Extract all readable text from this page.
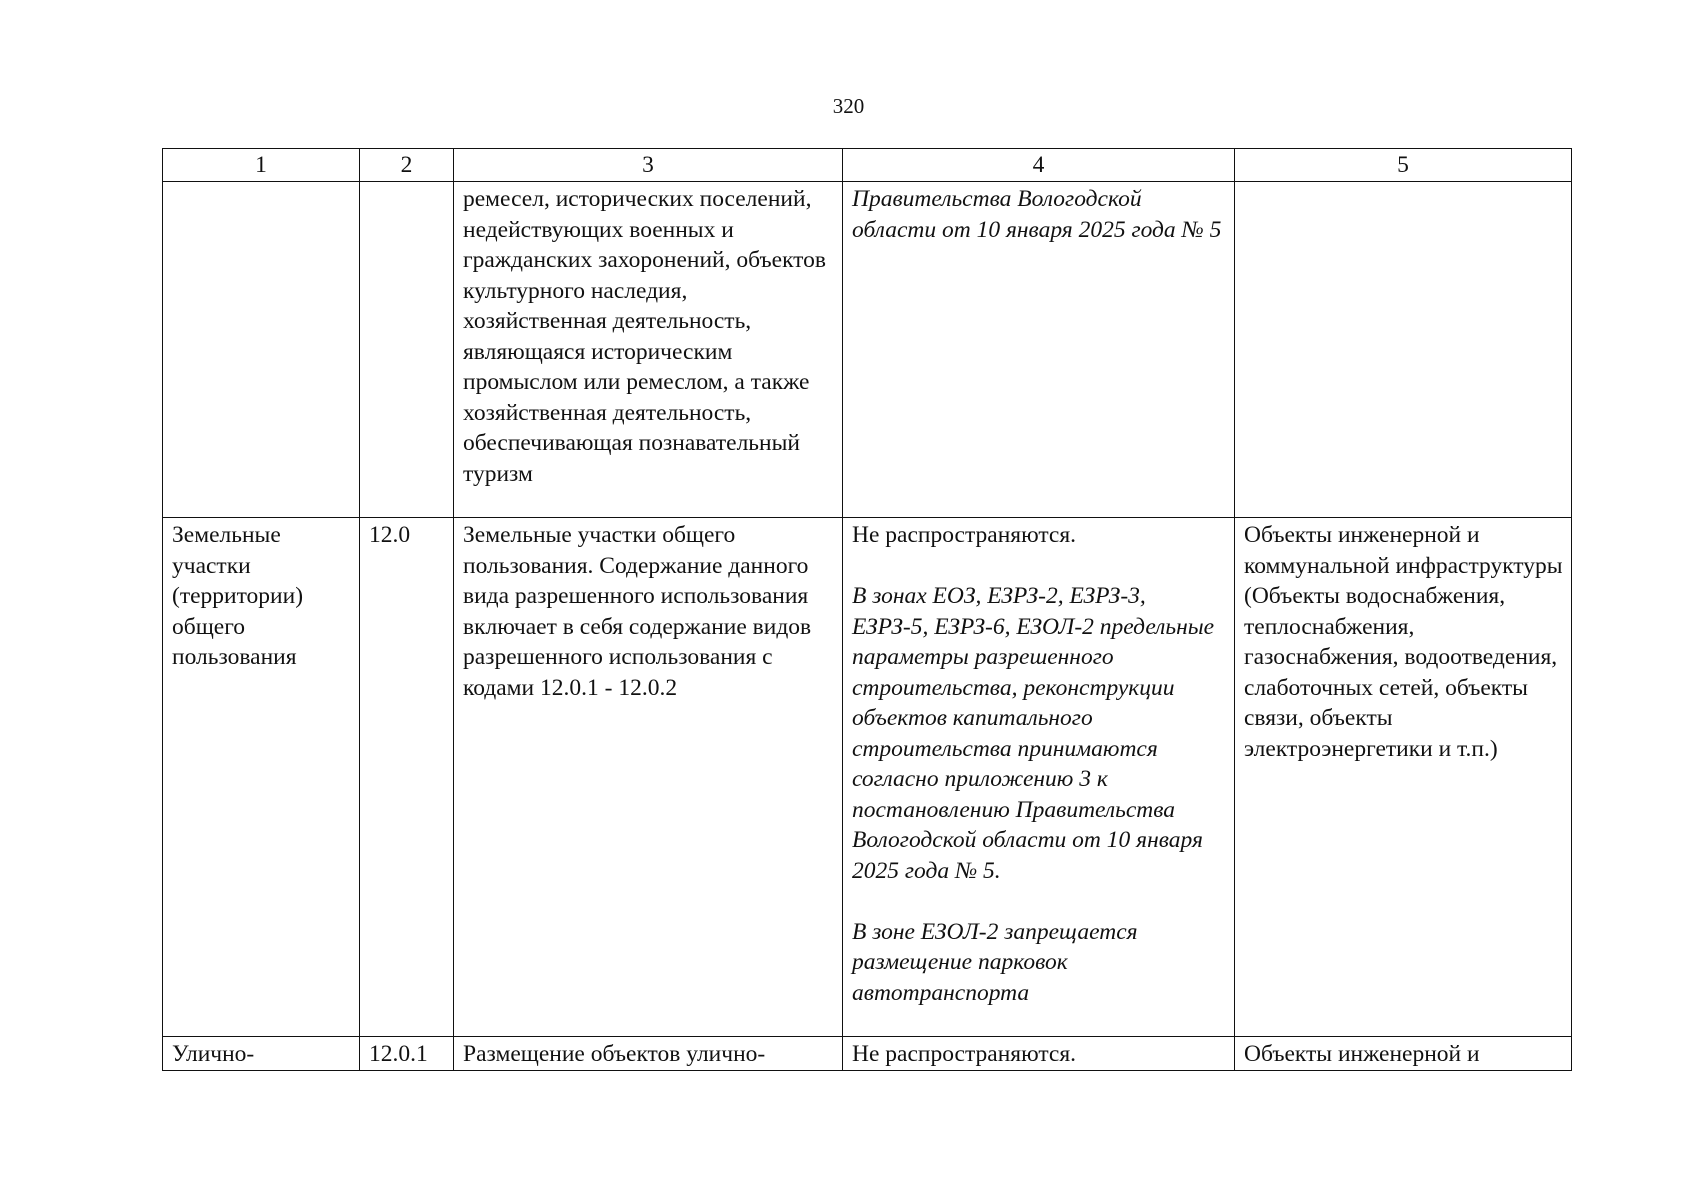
320
1	2	3	4	5
		ремесел, исторических поселений, недействующих военных и гражданских захоронений, объектов культурного наследия, хозяйственная деятельность, являющаяся историческим промыслом или ремеслом, а также хозяйственная деятельность, обеспечивающая познавательный туризм	Правительства Вологодской области от 10 января 2025 года № 5	

Земельные участки (территории) общего пользования	12.0	Земельные участки общего пользования. Содержание данного вида разрешенного использования включает в себя содержание видов разрешенного использования с кодами 12.0.1 - 12.0.2	Не распространяются.
В зонах ЕОЗ, ЕЗРЗ-2, ЕЗРЗ-3, ЕЗРЗ-5, ЕЗРЗ-6, ЕЗОЛ-2 предельные параметры разрешенного строительства, реконструкции объектов капитального строительства принимаются согласно приложению 3 к постановлению Правительства Вологодской области от 10 января 2025 года № 5.
В зоне ЕЗОЛ-2 запрещается размещение парковок автотранспорта	Объекты инженерной и коммунальной инфраструктуры (Объекты водоснабжения, теплоснабжения, газоснабжения, водоотведения, слаботочных сетей, объекты связи, объекты электроэнергетики и т.п.)
Улично-	12.0.1	Размещение объектов улично-	Не распространяются.	Объекты инженерной и
